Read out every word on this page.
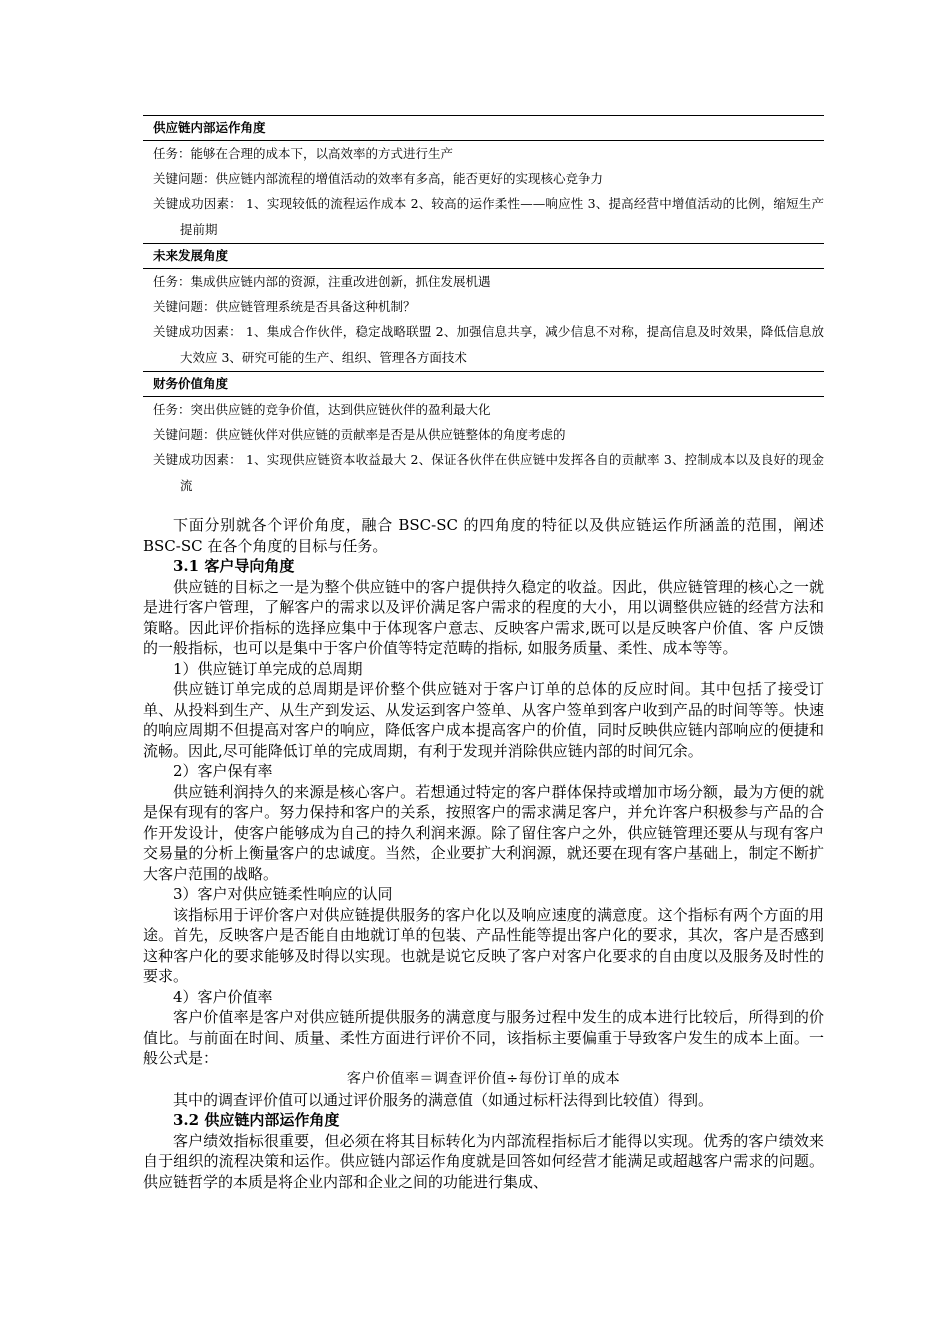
供应链内部运作角度
任务：能够在合理的成本下，以高效率的方式进行生产
关键问题：供应链内部流程的增值活动的效率有多高，能否更好的实现核心竞争力
关键成功因素： 1、实现较低的流程运作成本 2、较高的运作柔性——响应性 3、提高经营中增值活动的比例，缩短生产提前期
未来发展角度
任务：集成供应链内部的资源，注重改进创新，抓住发展机遇
关键问题：供应链管理系统是否具备这种机制？
关键成功因素： 1、集成合作伙伴，稳定战略联盟 2、加强信息共享，减少信息不对称，提高信息及时效果，降低信息放大效应 3、研究可能的生产、组织、管理各方面技术
财务价值角度
任务：突出供应链的竞争价值，达到供应链伙伴的盈利最大化
关键问题：供应链伙伴对供应链的贡献率是否是从供应链整体的角度考虑的
关键成功因素： 1、实现供应链资本收益最大 2、保证各伙伴在供应链中发挥各自的贡献率 3、控制成本以及良好的现金流

下面分别就各个评价角度，融合 BSC-SC 的四角度的特征以及供应链运作所涵盖的范围，阐述 BSC-SC 在各个角度的目标与任务。

3.1 客户导向角度

供应链的目标之一是为整个供应链中的客户提供持久稳定的收益。因此，供应链管理的核心之一就是进行客户管理，了解客户的需求以及评价满足客户需求的程度的大小，用以调整供应链的经营方法和策略。因此评价指标的选择应集中于体现客户意志、反映客户需求,既可以是反映客户价值、客 户反馈的一般指标，也可以是集中于客户价值等特定范畴的指标, 如服务质量、柔性、成本等等。

1）供应链订单完成的总周期

供应链订单完成的总周期是评价整个供应链对于客户订单的总体的反应时间。其中包括了接受订单、从投料到生产、从生产到发运、从发运到客户签单、从客户签单到客户收到产品的时间等等。快速的响应周期不但提高对客户的响应，降低客户成本提高客户的价值，同时反映供应链内部响应的便捷和流畅。因此,尽可能降低订单的完成周期，有利于发现并消除供应链内部的时间冗余。

2）客户保有率

供应链利润持久的来源是核心客户。若想通过特定的客户群体保持或增加市场分额，最为方便的就是保有现有的客户。努力保持和客户的关系，按照客户的需求满足客户，并允许客户积极参与产品的合作开发设计，使客户能够成为自己的持久利润来源。除了留住客户之外，供应链管理还要从与现有客户交易量的分析上衡量客户的忠诚度。当然，企业要扩大利润源，就还要在现有客户基础上，制定不断扩大客户范围的战略。

3）客户对供应链柔性响应的认同

该指标用于评价客户对供应链提供服务的客户化以及响应速度的满意度。这个指标有两个方面的用途。首先，反映客户是否能自由地就订单的包装、产品性能等提出客户化的要求，其次，客户是否感到这种客户化的要求能够及时得以实现。也就是说它反映了客户对客户化要求的自由度以及服务及时性的要求。

4）客户价值率

客户价值率是客户对供应链所提供服务的满意度与服务过程中发生的成本进行比较后，所得到的价值比。与前面在时间、质量、柔性方面进行评价不同，该指标主要偏重于导致客户发生的成本上面。一般公式是：

客户价值率＝调查评价值÷每份订单的成本

其中的调查评价值可以通过评价服务的满意值（如通过标杆法得到比较值）得到。

3.2 供应链内部运作角度

客户绩效指标很重要，但必须在将其目标转化为内部流程指标后才能得以实现。优秀的客户绩效来自于组织的流程决策和运作。供应链内部运作角度就是回答如何经营才能满足或超越客户需求的问题。供应链哲学的本质是将企业内部和企业之间的功能进行集成、
